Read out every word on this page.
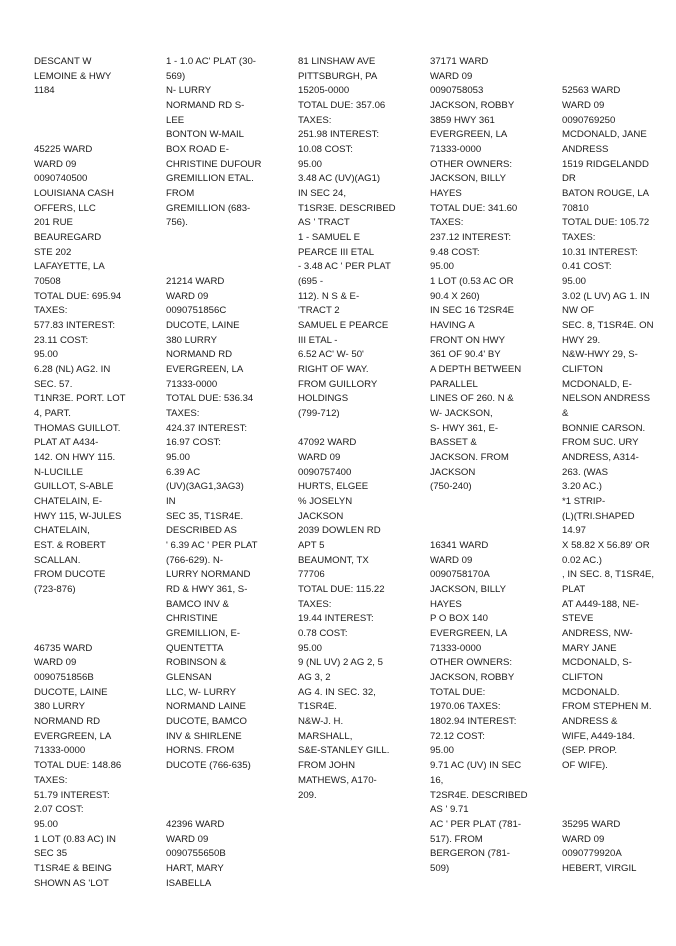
DESCANT W
LEMOINE & HWY
1184
45225 WARD
WARD 09
0090740500
LOUISIANA CASH
OFFERS, LLC
201 RUE
BEAUREGARD
STE 202
LAFAYETTE, LA
70508
TOTAL DUE: 695.94
TAXES:
577.83 INTEREST:
23.11 COST:
95.00
6.28 (NL) AG2. IN
SEC. 57.
T1NR3E. PORT. LOT
4, PART.
THOMAS GUILLOT.
PLAT AT A434-
142. ON HWY 115.
N-LUCILLE
GUILLOT, S-ABLE
CHATELAIN, E-
HWY 115, W-JULES
CHATELAIN,
EST. & ROBERT
SCALLAN.
FROM DUCOTE
(723-876)
46735 WARD
WARD 09
0090751856B
DUCOTE, LAINE
380 LURRY
NORMAND RD
EVERGREEN, LA
71333-0000
TOTAL DUE: 148.86
TAXES:
51.79 INTEREST:
2.07 COST:
95.00
1 LOT (0.83 AC) IN
SEC 35
T1SR4E & BEING
SHOWN AS 'LOT
1 - 1.0 AC' PLAT (30-
569)
N- LURRY
NORMAND RD S-
LEE
BONTON W-MAIL
BOX ROAD E-
CHRISTINE DUFOUR
GREMILLION ETAL.
FROM
GREMILLION (683-
756).
21214 WARD
WARD 09
0090751856C
DUCOTE, LAINE
380 LURRY
NORMAND RD
EVERGREEN, LA
71333-0000
TOTAL DUE: 536.34
TAXES:
424.37 INTEREST:
16.97 COST:
95.00
6.39 AC
(UV)(3AG1,3AG3)
IN
SEC 35, T1SR4E.
DESCRIBED AS
' 6.39 AC ' PER PLAT
(766-629). N-
LURRY NORMAND
RD & HWY 361, S-
BAMCO INV &
CHRISTINE
GREMILLION, E-
QUENTETTA
ROBINSON &
GLENSAN
LLC, W- LURRY
NORMAND LAINE
DUCOTE, BAMCO
INV & SHIRLENE
HORNS. FROM
DUCOTE (766-635)
42396 WARD
WARD 09
0090755650B
HART, MARY
ISABELLA
81 LINSHAW AVE
PITTSBURGH, PA
15205-0000
TOTAL DUE: 357.06
TAXES:
251.98 INTEREST:
10.08 COST:
95.00
3.48 AC (UV)(AG1)
IN SEC 24,
T1SR3E. DESCRIBED
AS ' TRACT
1 - SAMUEL E
PEARCE III ETAL
- 3.48 AC ' PER PLAT
(695 -
112). N S & E-
'TRACT 2
SAMUEL E PEARCE
III ETAL -
6.52 AC' W- 50'
RIGHT OF WAY.
FROM GUILLORY
HOLDINGS
(799-712)
47092 WARD
WARD 09
0090757400
HURTS, ELGEE
% JOSELYN
JACKSON
2039 DOWLEN RD
APT 5
BEAUMONT, TX
77706
TOTAL DUE: 115.22
TAXES:
19.44 INTEREST:
0.78 COST:
95.00
9 (NL UV) 2 AG 2, 5
AG 3, 2
AG 4. IN SEC. 32,
T1SR4E.
N&W-J. H.
MARSHALL,
S&E-STANLEY GILL.
FROM JOHN
MATHEWS, A170-
209.
37171 WARD
WARD 09
0090758053
JACKSON, ROBBY
3859 HWY 361
EVERGREEN, LA
71333-0000
OTHER OWNERS:
JACKSON, BILLY
HAYES
TOTAL DUE: 341.60
TAXES:
237.12 INTEREST:
9.48 COST:
95.00
1 LOT (0.53 AC OR
90.4 X 260)
IN SEC 16 T2SR4E
HAVING A
FRONT ON HWY
361 OF 90.4' BY
A DEPTH BETWEEN
PARALLEL
LINES OF 260. N &
W- JACKSON,
S- HWY 361, E-
BASSET &
JACKSON. FROM
JACKSON
(750-240)
16341 WARD
WARD 09
0090758170A
JACKSON, BILLY
HAYES
P O BOX 140
EVERGREEN, LA
71333-0000
OTHER OWNERS:
JACKSON, ROBBY
TOTAL DUE:
1970.06 TAXES:
1802.94 INTEREST:
72.12 COST:
95.00
9.71 AC (UV) IN SEC
16,
T2SR4E. DESCRIBED
AS ' 9.71
AC ' PER PLAT (781-
517). FROM
BERGERON (781-
509)
52563 WARD
WARD 09
0090769250
MCDONALD, JANE
ANDRESS
1519 RIDGELANDD
DR
BATON ROUGE, LA
70810
TOTAL DUE: 105.72
TAXES:
10.31 INTEREST:
0.41 COST:
95.00
3.02 (L UV) AG 1. IN
NW OF
SEC. 8, T1SR4E. ON
HWY 29.
N&W-HWY 29, S-
CLIFTON
MCDONALD, E-
NELSON ANDRESS
&
BONNIE CARSON.
FROM SUC. URY
ANDRESS, A314-
263. (WAS
3.20 AC.)
*1 STRIP-
(L)(TRI.SHAPED
14.97
X 58.82 X 56.89' OR
0.02 AC.)
, IN SEC. 8, T1SR4E,
PLAT
AT A449-188, NE-
STEVE
ANDRESS, NW-
MARY JANE
MCDONALD, S-
CLIFTON
MCDONALD.
FROM STEPHEN M.
ANDRESS &
WIFE, A449-184.
(SEP. PROP.
OF WIFE).
35295 WARD
WARD 09
0090779920A
HEBERT, VIRGIL
